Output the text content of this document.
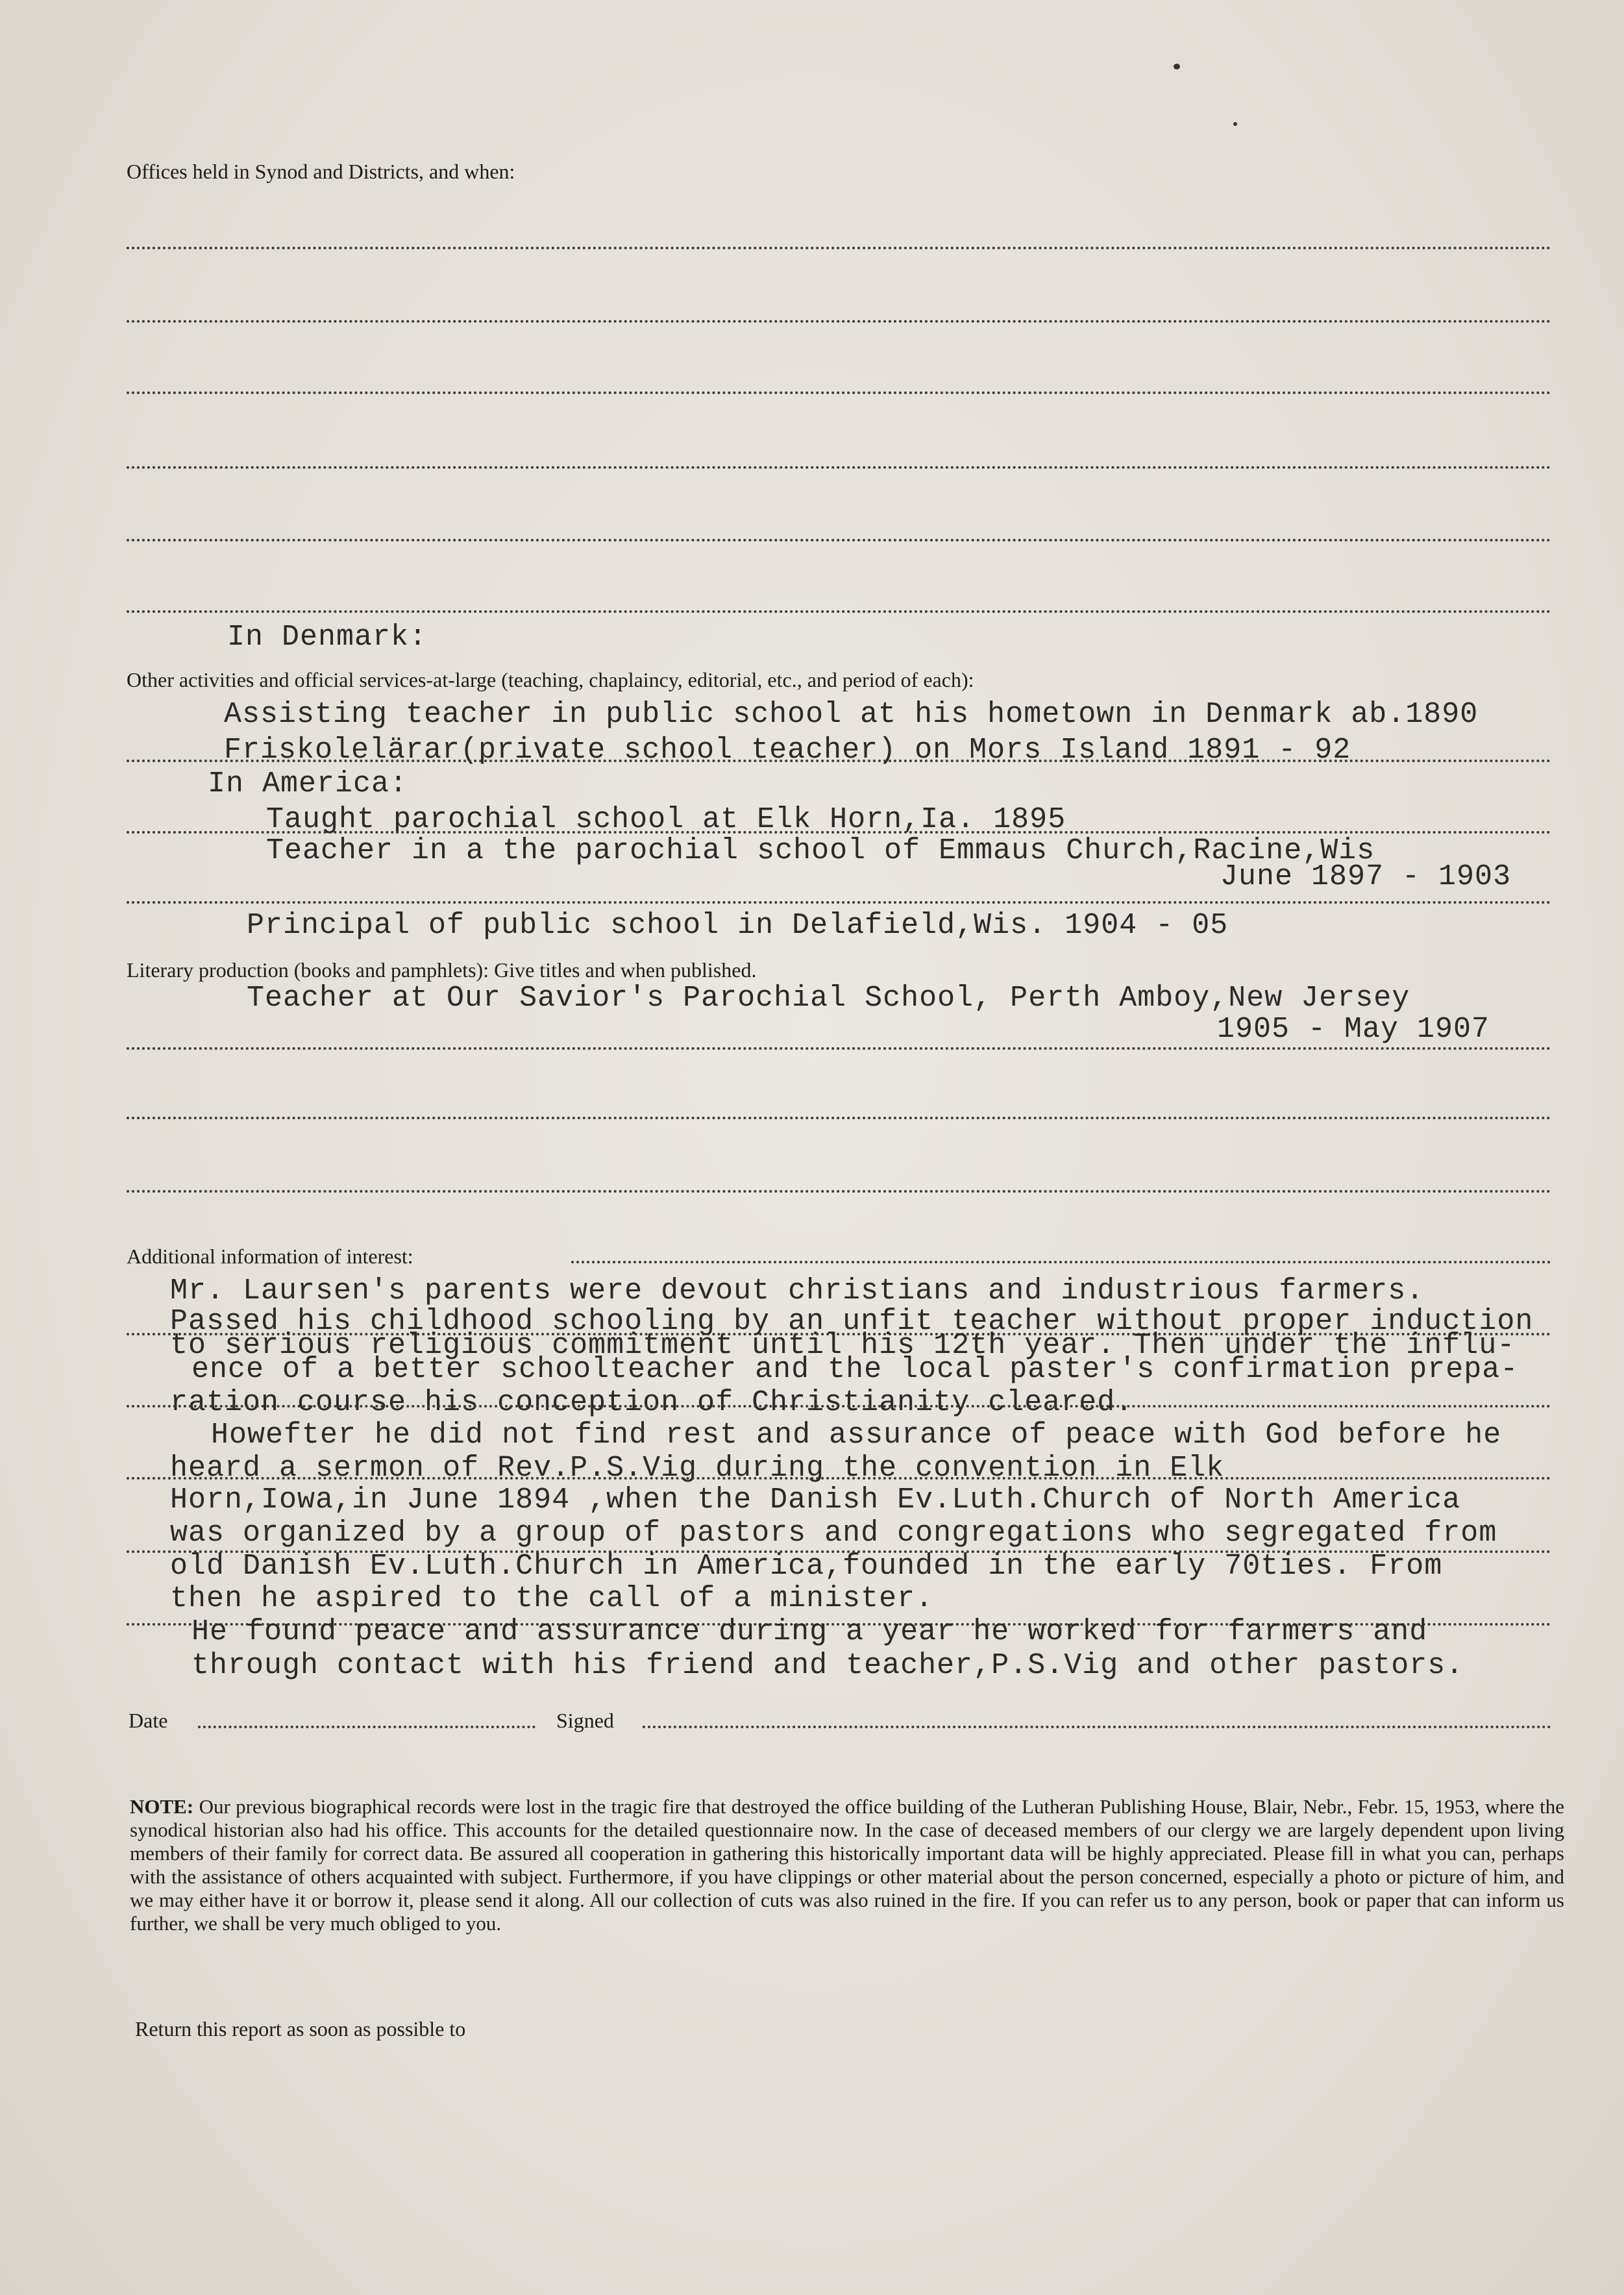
Offices held in Synod and Districts, and when:
In Denmark:
Other activities and official services-at-large (teaching, chaplaincy, editorial, etc., and period of each):
Assisting teacher in public school at his hometown in Denmark ab.1890
Friskolelärar(private school teacher) on Mors Island 1891 - 92
In America:
Taught parochial school at Elk Horn,Ia. 1895
Teacher in a the parochial school of Emmaus Church,Racine,Wis
June 1897 - 1903
Principal of public school in Delafield,Wis. 1904 - 05
Literary production (books and pamphlets): Give titles and when published.
Teacher at Our Savior's Parochial School, Perth Amboy,New Jersey
1905 - May 1907
Additional information of interest:
Mr. Laursen's parents were devout christians and industrious farmers.
Passed his childhood schooling by an unfit teacher without proper induction
to serious religious commitment until his 12th year. Then under the influ-
ence of a better schoolteacher and the local paster's confirmation prepa-
ration course his conception of Christianity cleared.
Howefter he did not find rest and assurance of peace with God before he
heard a sermon of Rev.P.S.Vig during the convention in Elk
Horn,Iowa,in June 1894 ,when the Danish Ev.Luth.Church of North America
was organized by a group of pastors and congregations who segregated from
old Danish Ev.Luth.Church in America,founded in the early 70ties. From
then he aspired to the call of a minister.
He found peace and assurance during a year he worked for farmers and
through contact with his friend and teacher,P.S.Vig and other pastors.
Date	Signed
NOTE: Our previous biographical records were lost in the tragic fire that destroyed the office building of the Lutheran Publishing House, Blair, Nebr., Febr. 15, 1953, where the synodical historian also had his office. This accounts for the detailed questionnaire now. In the case of deceased members of our clergy we are largely dependent upon living members of their family for correct data. Be assured all cooperation in gathering this historically important data will be highly appreciated. Please fill in what you can, perhaps with the assistance of others acquainted with subject. Furthermore, if you have clippings or other material about the person concerned, especially a photo or picture of him, and we may either have it or borrow it, please send it along. All our collection of cuts was also ruined in the fire. If you can refer us to any person, book or paper that can inform us further, we shall be very much obliged to you.
Return this report as soon as possible to
